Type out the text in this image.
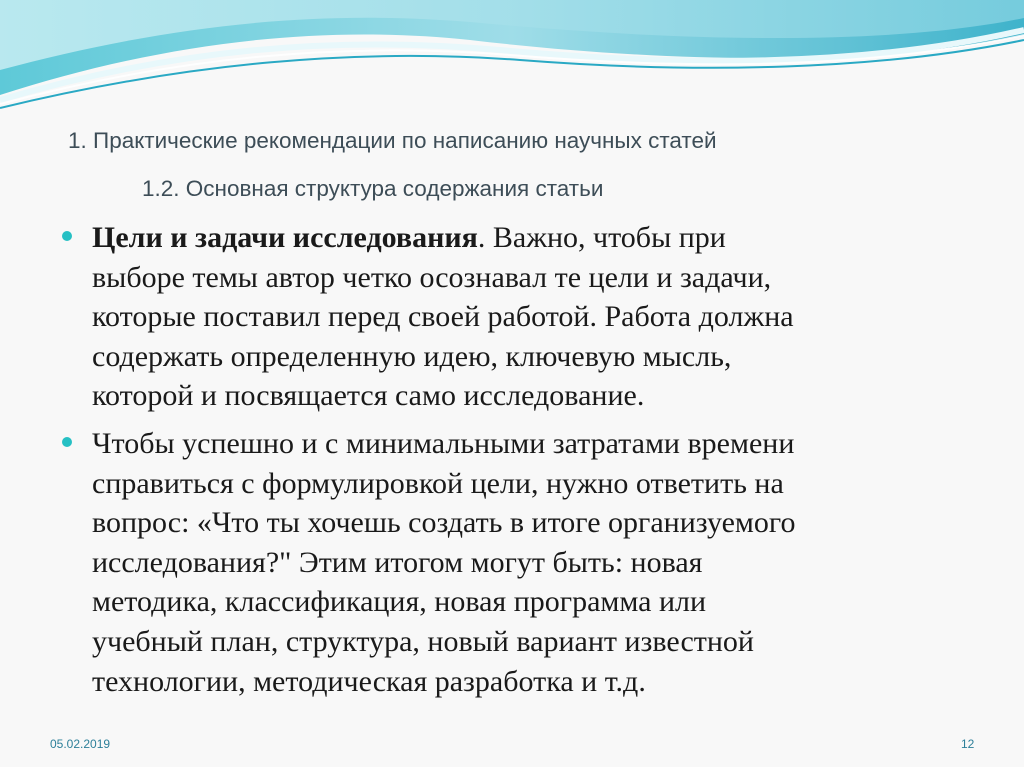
1. Практические рекомендации по написанию научных статей
1.2. Основная структура содержания статьи
Цели и задачи исследования. Важно, чтобы при
выборе темы автор четко осознавал те цели и задачи,
которые поставил перед своей работой. Работа должна
содержать определенную идею, ключевую мысль,
которой и посвящается само исследование.
Чтобы успешно и с минимальными затратами времени
справиться с формулировкой цели, нужно ответить на
вопрос: «Что ты хочешь создать в итоге организуемого
исследования?" Этим итогом могут быть: новая
методика, классификация, новая программа или
учебный план, структура, новый вариант известной
технологии, методическая разработка и т.д.
05.02.2019	12
